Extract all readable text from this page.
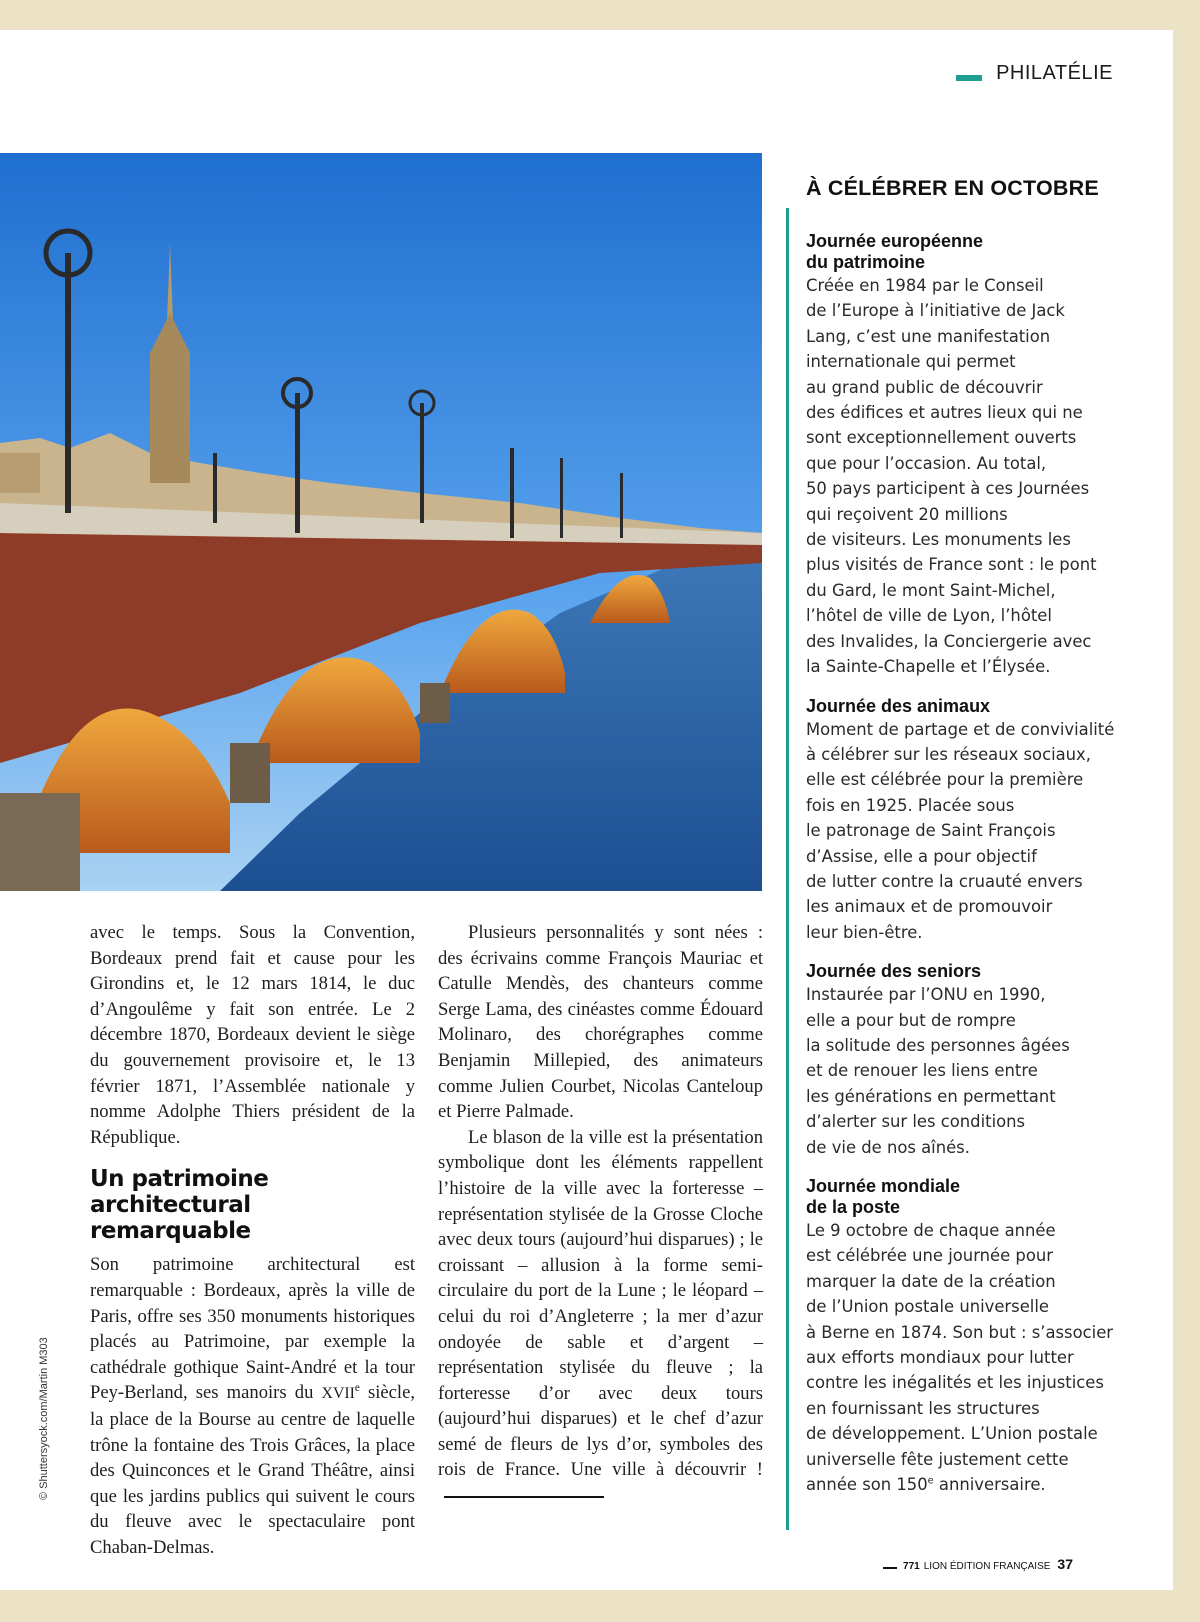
PHILATÉLIE
© Shuttersyock.com/Martin M303

avec le temps. Sous la Convention, Bordeaux prend fait et cause pour les Girondins et, le 12 mars 1814, le duc d’Angoulême y fait son entrée. Le 2 décembre 1870, Bordeaux devient le siège du gouvernement provisoire et, le 13 février 1871, l’Assemblée nationale y nomme Adolphe Thiers président de la République.

Un patrimoine architectural remarquable

Son patrimoine architectural est remarquable : Bordeaux, après la ville de Paris, offre ses 350 monuments historiques placés au Patrimoine, par exemple la cathédrale gothique Saint-André et la tour Pey-Berland, ses manoirs du XVIIe siècle, la place de la Bourse au centre de laquelle trône la fontaine des Trois Grâces, la place des Quinconces et le Grand Théâtre, ainsi que les jardins publics qui suivent le cours du fleuve avec le spectaculaire pont Chaban-Delmas.

Plusieurs personnalités y sont nées : des écrivains comme François Mauriac et Catulle Mendès, des chanteurs comme Serge Lama, des cinéastes comme Édouard Molinaro, des chorégraphes comme Benjamin Millepied, des animateurs comme Julien Courbet, Nicolas Canteloup et Pierre Palmade.

Le blason de la ville est la présentation symbolique dont les éléments rappellent l’histoire de la ville avec la forteresse – représentation stylisée de la Grosse Cloche avec deux tours (aujourd’hui disparues) ; le croissant – allusion à la forme semi-circulaire du port de la Lune ; le léopard – celui du roi d’Angleterre ; la mer d’azur ondoyée de sable et d’argent – représentation stylisée du fleuve ; la forteresse d’or avec deux tours (aujourd’hui disparues) et le chef d’azur semé de fleurs de lys d’or, symboles des rois de France. Une ville à découvrir !

À CÉLÉBRER EN OCTOBRE
Journée européenne
du patrimoine

Créée en 1984 par le Conseil
de l’Europe à l’initiative de Jack
Lang, c’est une manifestation
internationale qui permet
au grand public de découvrir
des édifices et autres lieux qui ne
sont exceptionnellement ouverts
que pour l’occasion. Au total,
50 pays participent à ces Journées
qui reçoivent 20 millions
de visiteurs. Les monuments les
plus visités de France sont : le pont
du Gard, le mont Saint-Michel,
l’hôtel de ville de Lyon, l’hôtel
des Invalides, la Conciergerie avec
la Sainte-Chapelle et l’Élysée.

Journée des animaux

Moment de partage et de convivialité
à célébrer sur les réseaux sociaux,
elle est célébrée pour la première
fois en 1925. Placée sous
le patronage de Saint François
d’Assise, elle a pour objectif
de lutter contre la cruauté envers
les animaux et de promouvoir
leur bien-être.

Journée des seniors

Instaurée par l’ONU en 1990,
elle a pour but de rompre
la solitude des personnes âgées
et de renouer les liens entre
les générations en permettant
d’alerter sur les conditions
de vie de nos aînés.

Journée mondiale
de la poste

Le 9 octobre de chaque année
est célébrée une journée pour
marquer la date de la création
de l’Union postale universelle
à Berne en 1874. Son but : s’associer
aux efforts mondiaux pour lutter
contre les inégalités et les injustices
en fournissant les structures
de développement. L’Union postale
universelle fête justement cette

année son 150e anniversaire.

771 LION ÉDITION FRANÇAISE 37
